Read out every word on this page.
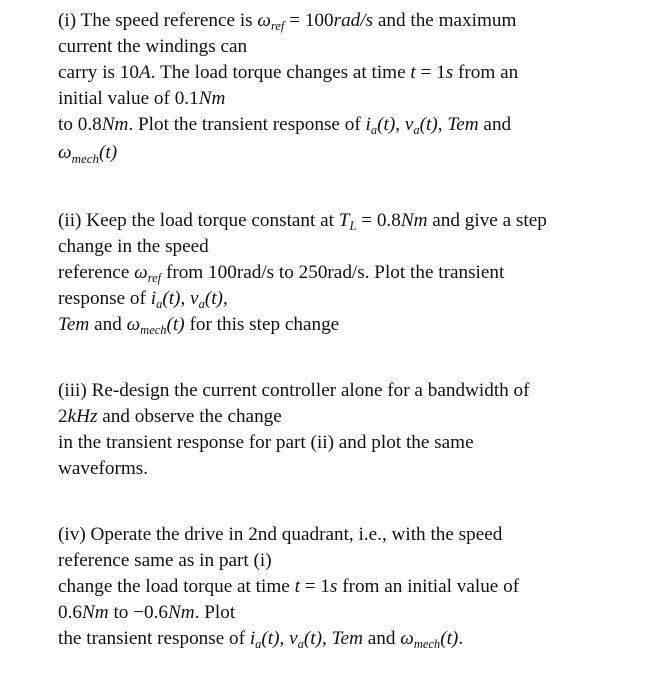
(i) The speed reference is $\omega_{ref} = 100rad/s$ and the maximum
current the windings can
carry is 10A. The load torque changes at time t = 1s from an
initial value of 0.1Nm
to 0.8Nm. Plot the transient response of $i_a(t)$, $v_a(t)$, Tem and
$\omega_{mech}(t)$
(ii) Keep the load torque constant at $T_L = 0.8Nm$ and give a step
change in the speed
reference $\omega_{ref}$ from 100rad/s to 250rad/s. Plot the transient
response of $i_a(t)$, $v_a(t)$,
Tem and $\omega_{mech}(t)$ for this step change
(iii) Re-design the current controller alone for a bandwidth of
2kHz and observe the change
in the transient response for part (ii) and plot the same
waveforms.
(iv) Operate the drive in 2nd quadrant, i.e., with the speed
reference same as in part (i)
change the load torque at time t = 1s from an initial value of
0.6Nm to −0.6Nm. Plot
the transient response of $i_a(t)$, $v_a(t)$, Tem and $\omega_{mech}(t)$.
